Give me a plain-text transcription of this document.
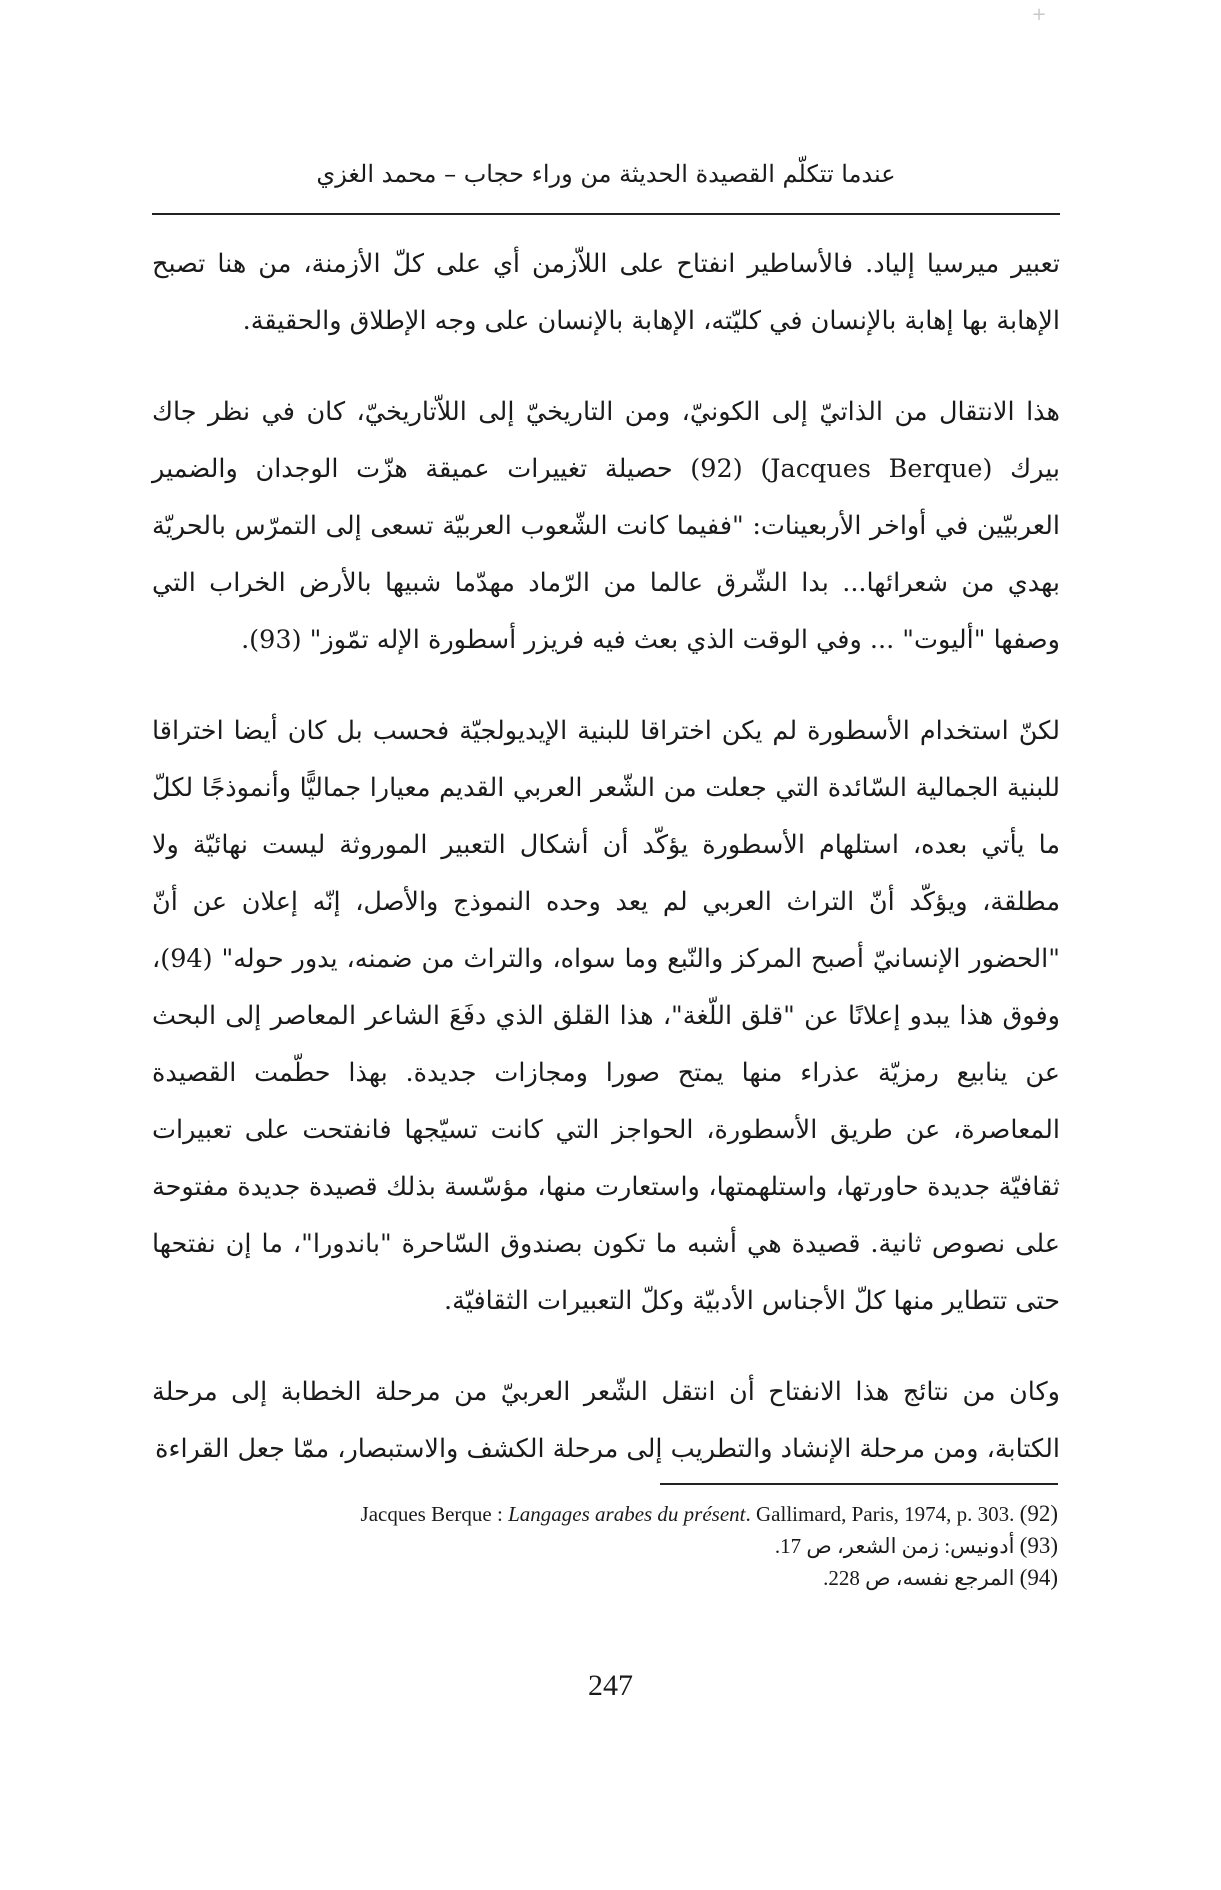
+
عندما تتكلّم القصيدة الحديثة من وراء حجاب – محمد الغزي

تعبير ميرسيا إلياد. فالأساطير انفتاح على اللاّزمن أي على كلّ الأزمنة، من هنا تصبح الإهابة بها إهابة بالإنسان في كليّته، الإهابة بالإنسان على وجه الإطلاق والحقيقة.

هذا الانتقال من الذاتيّ إلى الكونيّ، ومن التاريخيّ إلى اللاّتاريخيّ، كان في نظر جاك بيرك (Jacques Berque) (92) حصيلة تغييرات عميقة هزّت الوجدان والضمير العربيّين في أواخر الأربعينات: "ففيما كانت الشّعوب العربيّة تسعى إلى التمرّس بالحريّة بهدي من شعرائها... بدا الشّرق عالما من الرّماد مهدّما شبيها بالأرض الخراب التي وصفها "أليوت" ... وفي الوقت الذي بعث فيه فريزر أسطورة الإله تمّوز" (93).

لكنّ استخدام الأسطورة لم يكن اختراقا للبنية الإيديولجيّة فحسب بل كان أيضا اختراقا للبنية الجمالية السّائدة التي جعلت من الشّعر العربي القديم معيارا جماليًّا وأنموذجًا لكلّ ما يأتي بعده، استلهام الأسطورة يؤكّد أن أشكال التعبير الموروثة ليست نهائيّة ولا مطلقة، ويؤكّد أنّ التراث العربي لم يعد وحده النموذج والأصل، إنّه إعلان عن أنّ "الحضور الإنسانيّ أصبح المركز والنّبع وما سواه، والتراث من ضمنه، يدور حوله" (94)، وفوق هذا يبدو إعلانًا عن "قلق اللّغة"، هذا القلق الذي دفَعَ الشاعر المعاصر إلى البحث عن ينابيع رمزيّة عذراء منها يمتح صورا ومجازات جديدة. بهذا حطّمت القصيدة المعاصرة، عن طريق الأسطورة، الحواجز التي كانت تسيّجها فانفتحت على تعبيرات ثقافيّة جديدة حاورتها، واستلهمتها، واستعارت منها، مؤسّسة بذلك قصيدة جديدة مفتوحة على نصوص ثانية. قصيدة هي أشبه ما تكون بصندوق السّاحرة "باندورا"، ما إن نفتحها حتى تتطاير منها كلّ الأجناس الأدبيّة وكلّ التعبيرات الثقافيّة.

وكان من نتائج هذا الانفتاح أن انتقل الشّعر العربيّ من مرحلة الخطابة إلى مرحلة الكتابة، ومن مرحلة الإنشاد والتطريب إلى مرحلة الكشف والاستبصار، ممّا جعل القراءة

(92) Jacques Berque : Langages arabes du présent. Gallimard, Paris, 1974, p. 303.
(93) أدونيس: زمن الشعر، ص 17.
(94) المرجع نفسه، ص 228.
247
